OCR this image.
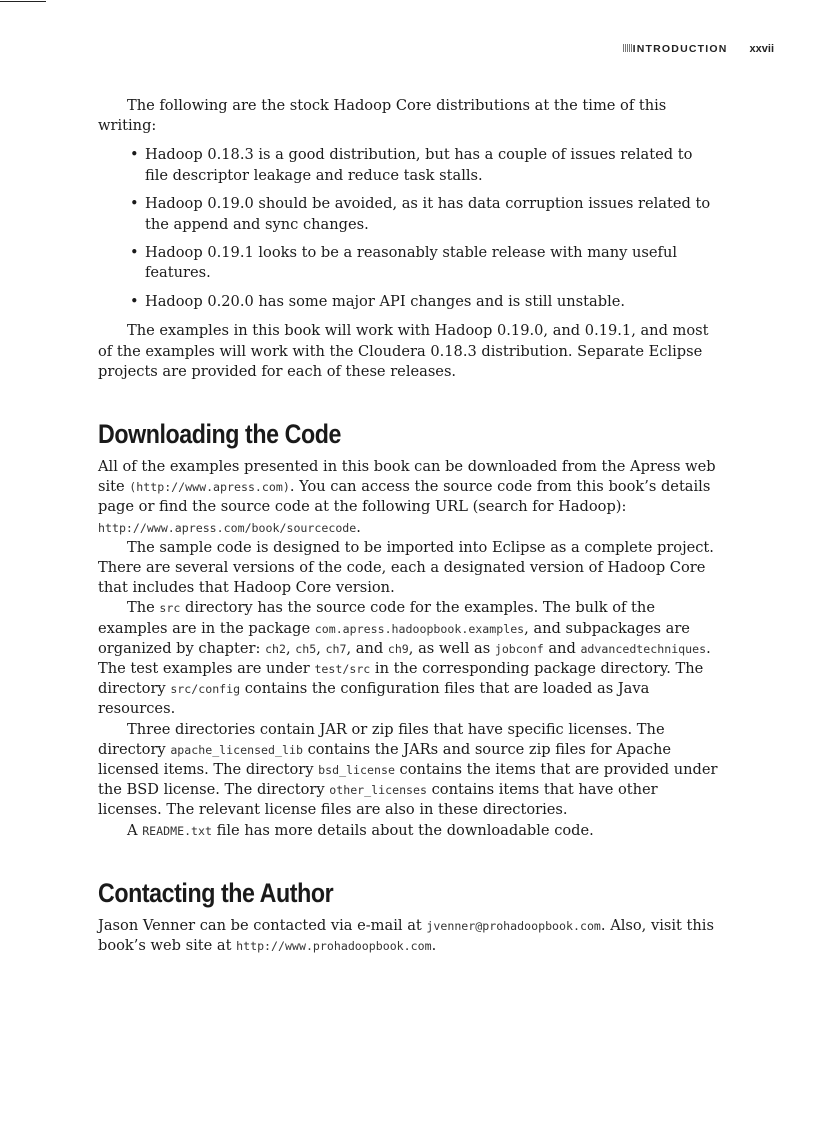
INTRODUCTION xxvii

The following are the stock Hadoop Core distributions at the time of this writing:

• Hadoop 0.18.3 is a good distribution, but has a couple of issues related to file descriptor leakage and reduce task stalls.
• Hadoop 0.19.0 should be avoided, as it has data corruption issues related to the append and sync changes.
• Hadoop 0.19.1 looks to be a reasonably stable release with many useful features.
• Hadoop 0.20.0 has some major API changes and is still unstable.

The examples in this book will work with Hadoop 0.19.0, and 0.19.1, and most of the examples will work with the Cloudera 0.18.3 distribution. Separate Eclipse projects are provided for each of these releases.

Downloading the Code

All of the examples presented in this book can be downloaded from the Apress web site (http://www.apress.com). You can access the source code from this book’s details page or find the source code at the following URL (search for Hadoop): http://www.apress.com/book/sourcecode.

The sample code is designed to be imported into Eclipse as a complete project. There are several versions of the code, each a designated version of Hadoop Core that includes that Hadoop Core version.

The src directory has the source code for the examples. The bulk of the examples are in the package com.apress.hadoopbook.examples, and subpackages are organized by chapter: ch2, ch5, ch7, and ch9, as well as jobconf and advancedtechniques. The test examples are under test/src in the corresponding package directory. The directory src/config contains the configuration files that are loaded as Java resources.

Three directories contain JAR or zip files that have specific licenses. The directory apache_licensed_lib contains the JARs and source zip files for Apache licensed items. The directory bsd_license contains the items that are provided under the BSD license. The directory other_licenses contains items that have other licenses. The relevant license files are also in these directories.

A README.txt file has more details about the downloadable code.

Contacting the Author

Jason Venner can be contacted via e-mail at jvenner@prohadoopbook.com. Also, visit this book’s web site at http://www.prohadoopbook.com.
